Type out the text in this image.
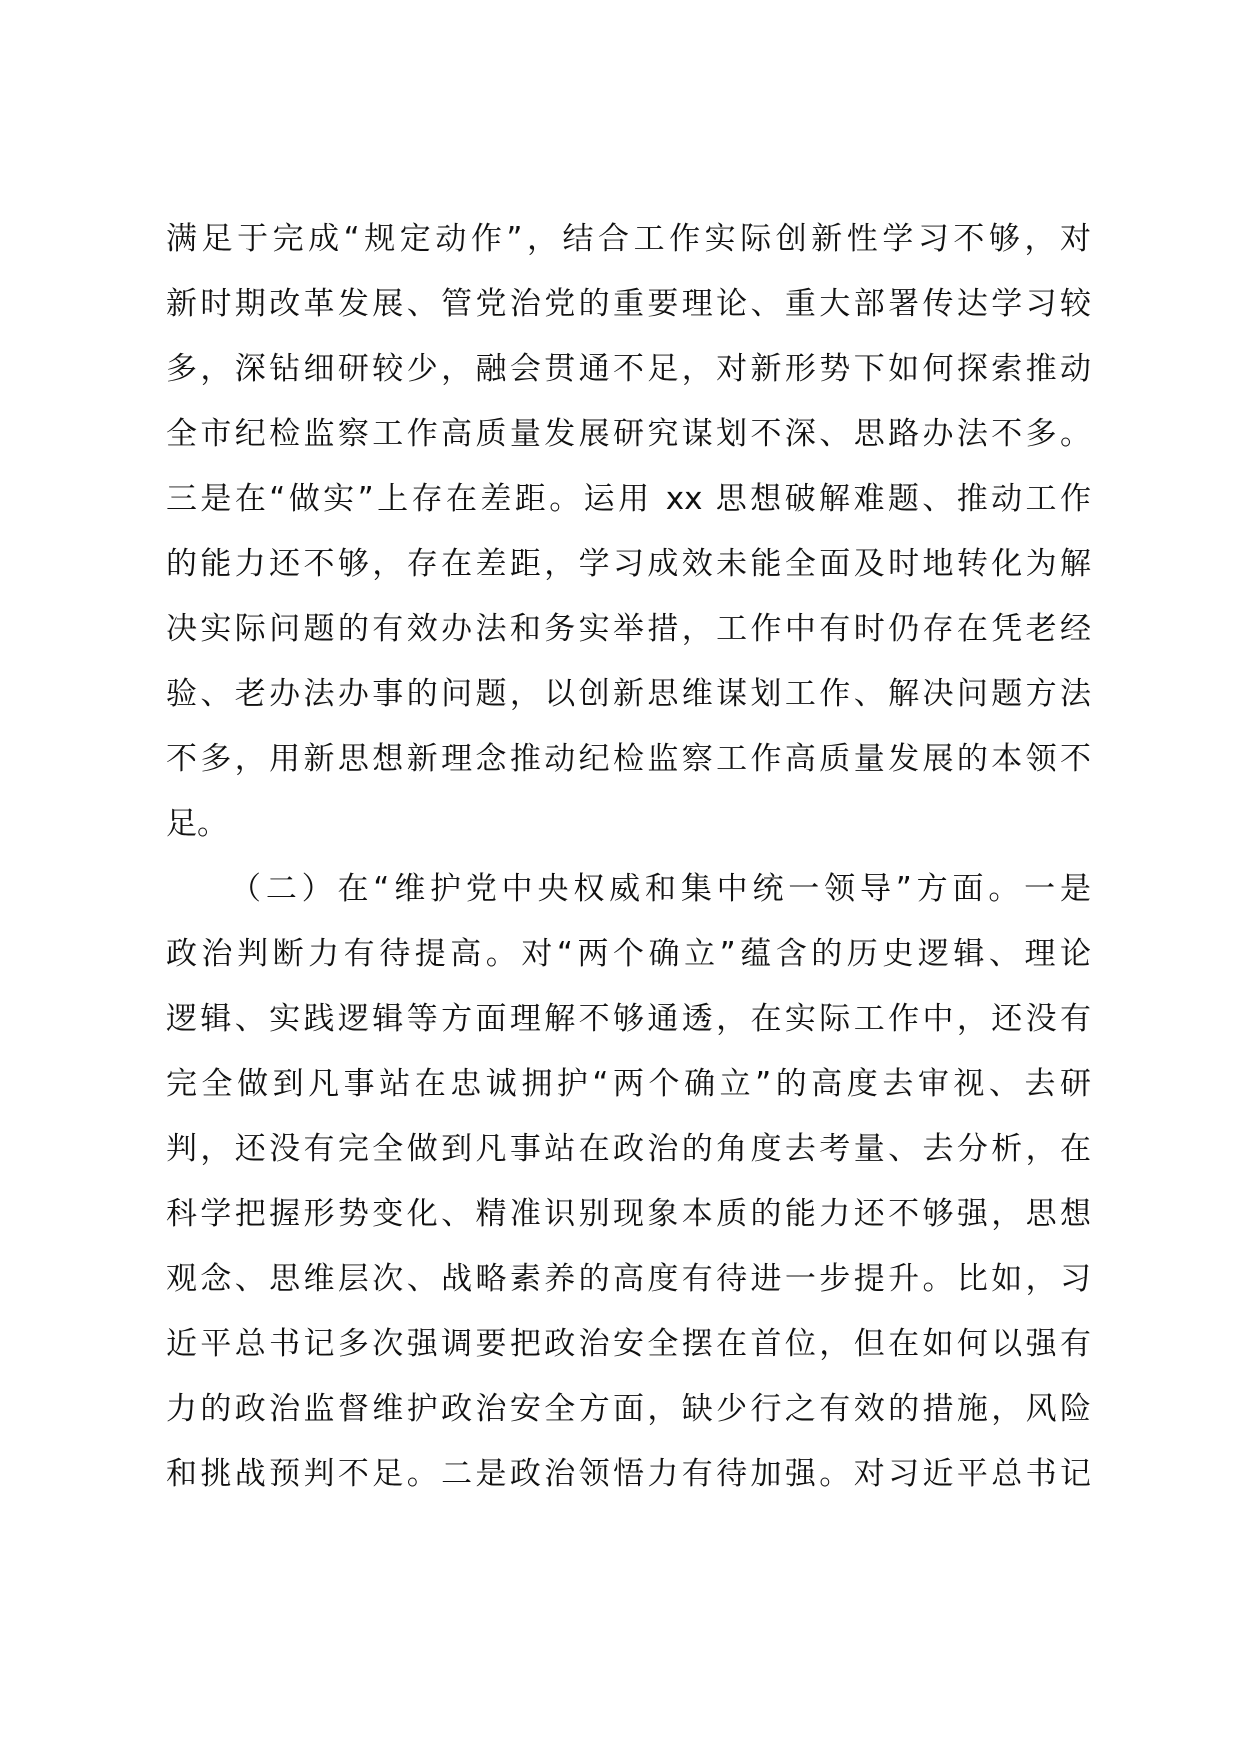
满足于完成“规定动作”，结合工作实际创新性学习不够，对
新时期改革发展、管党治党的重要理论、重大部署传达学习较
多，深钻细研较少，融会贯通不足，对新形势下如何探索推动
全市纪检监察工作高质量发展研究谋划不深、思路办法不多。
三是在“做实”上存在差距。运用 xx 思想破解难题、推动工作
的能力还不够，存在差距，学习成效未能全面及时地转化为解
决实际问题的有效办法和务实举措，工作中有时仍存在凭老经
验、老办法办事的问题，以创新思维谋划工作、解决问题方法
不多，用新思想新理念推动纪检监察工作高质量发展的本领不
足。
（二）在“维护党中央权威和集中统一领导”方面。一是
政治判断力有待提高。对“两个确立”蕴含的历史逻辑、理论
逻辑、实践逻辑等方面理解不够通透，在实际工作中，还没有
完全做到凡事站在忠诚拥护“两个确立”的高度去审视、去研
判，还没有完全做到凡事站在政治的角度去考量、去分析，在
科学把握形势变化、精准识别现象本质的能力还不够强，思想
观念、思维层次、战略素养的高度有待进一步提升。比如，习
近平总书记多次强调要把政治安全摆在首位，但在如何以强有
力的政治监督维护政治安全方面，缺少行之有效的措施，风险
和挑战预判不足。二是政治领悟力有待加强。对习近平总书记
